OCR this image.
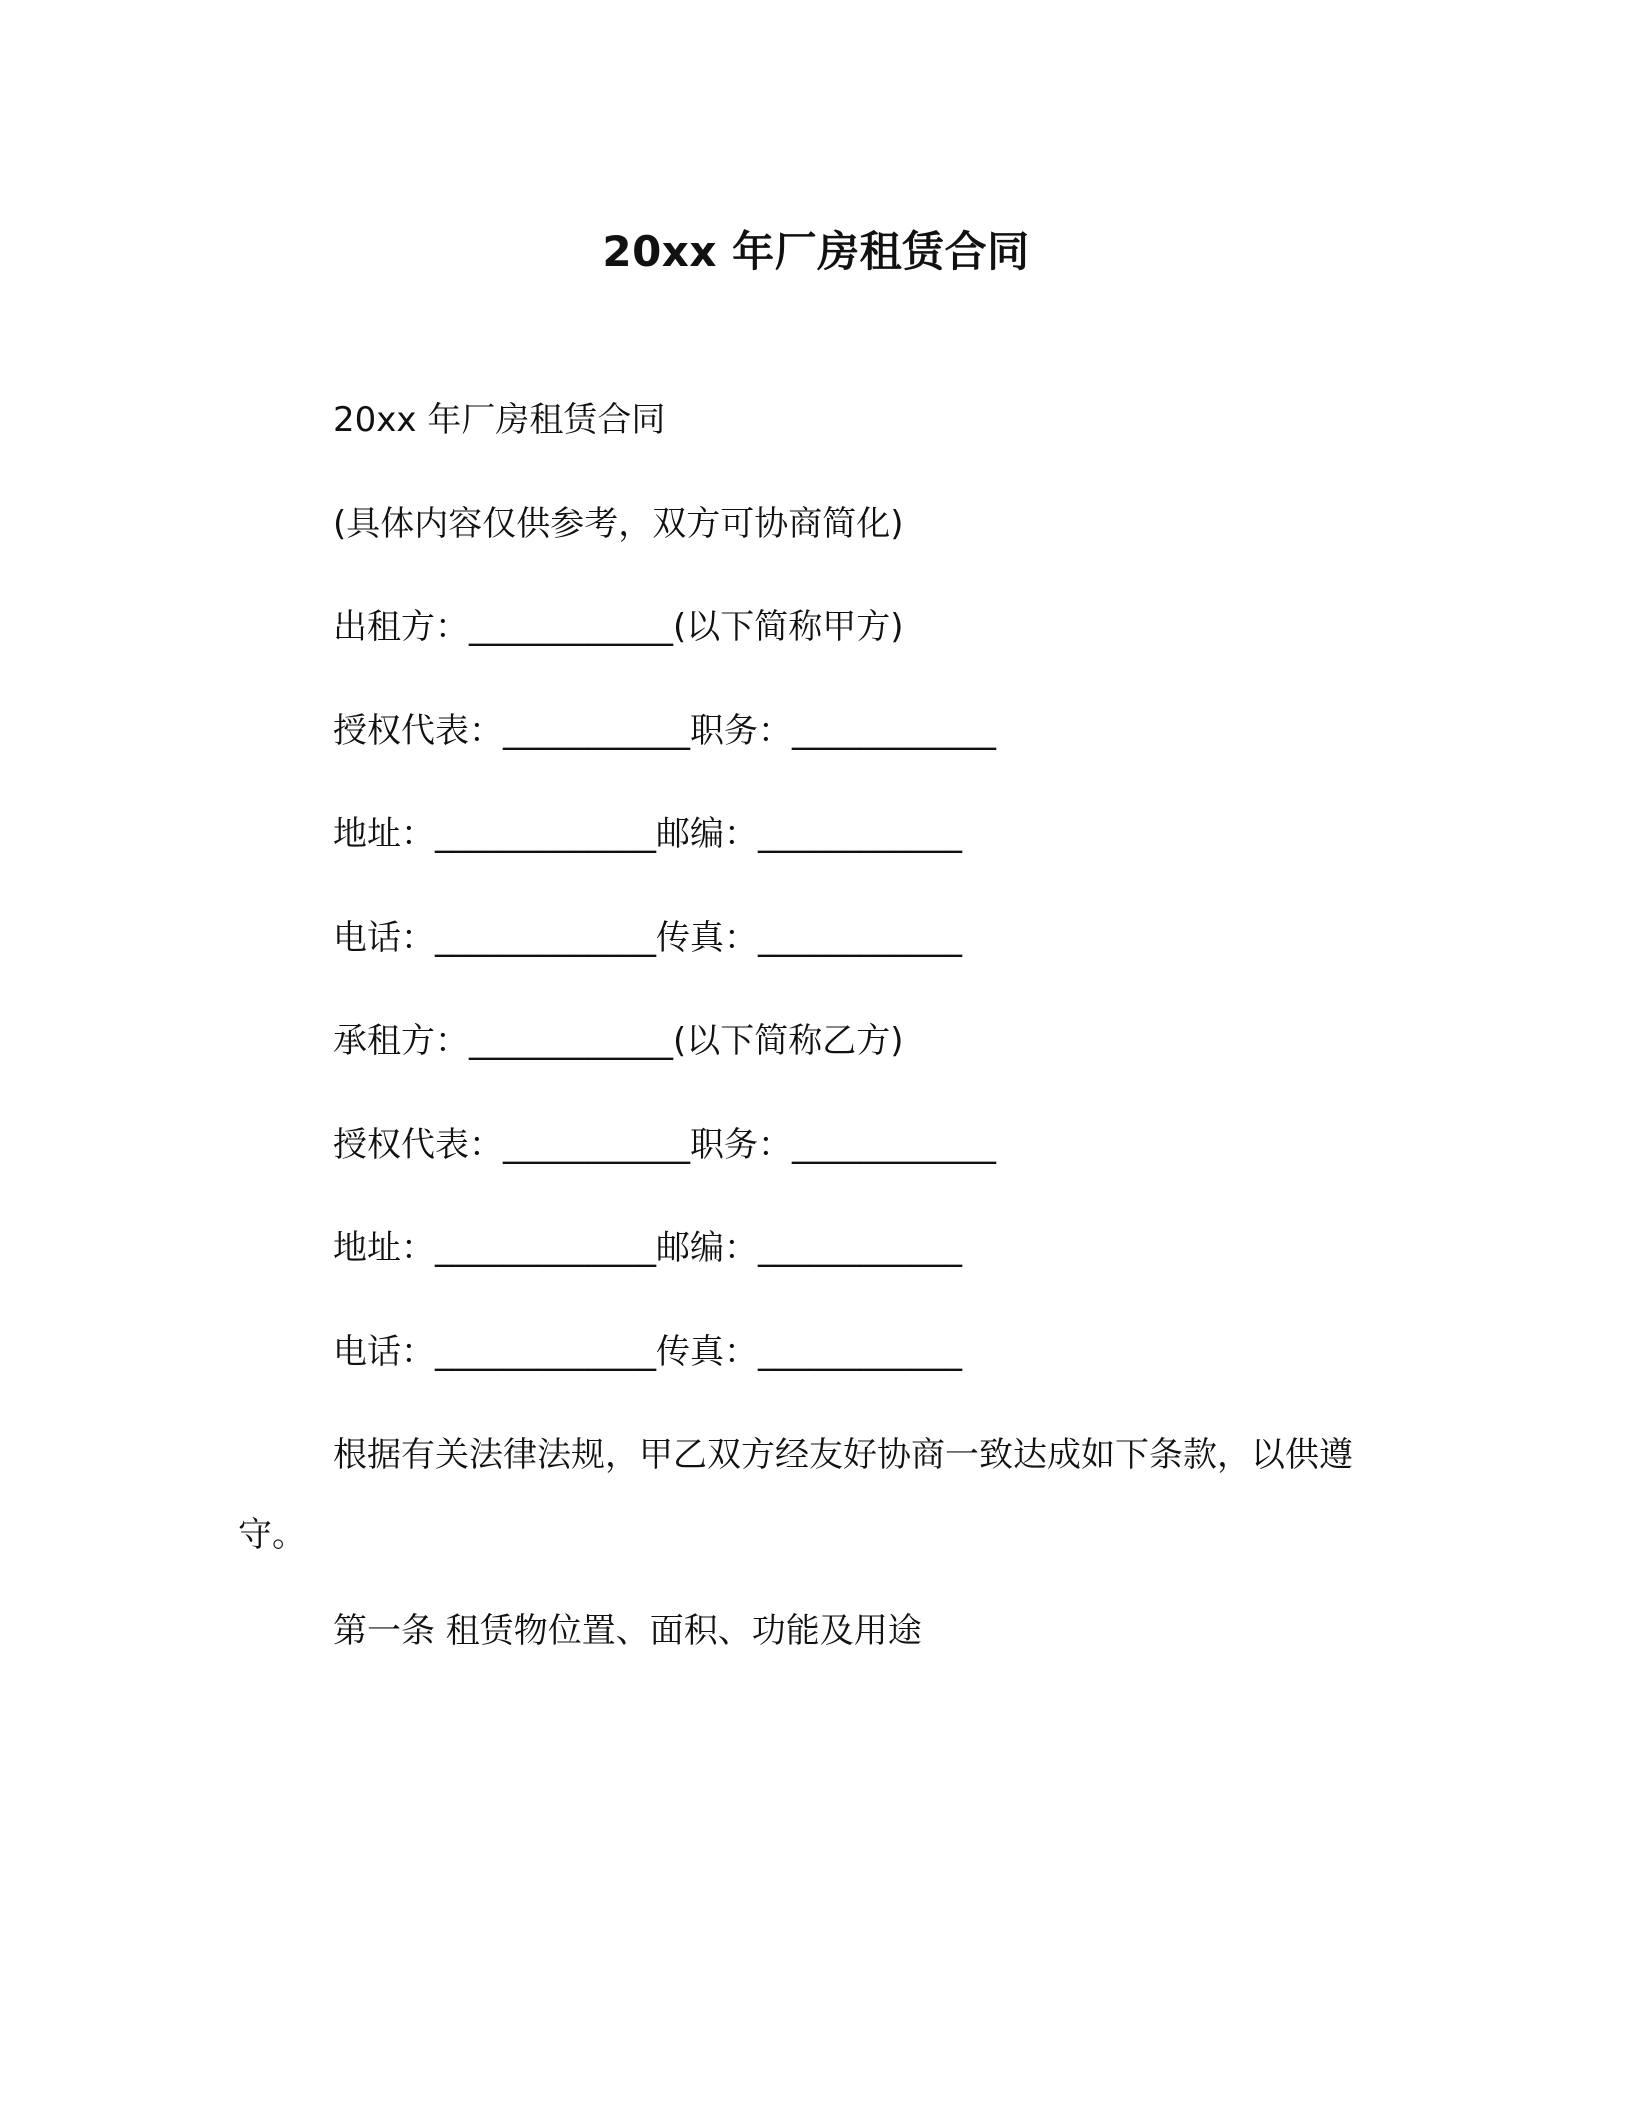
20xx 年厂房租赁合同
20xx 年厂房租赁合同
(具体内容仅供参考，双方可协商简化)
出租方：____________(以下简称甲方)
授权代表：___________职务：____________
地址：_____________邮编：____________
电话：_____________传真：____________
承租方：____________(以下简称乙方)
授权代表：___________职务：____________
地址：_____________邮编：____________
电话：_____________传真：____________
根据有关法律法规，甲乙双方经友好协商一致达成如下条款，以供遵守。
第一条 租赁物位置、面积、功能及用途
